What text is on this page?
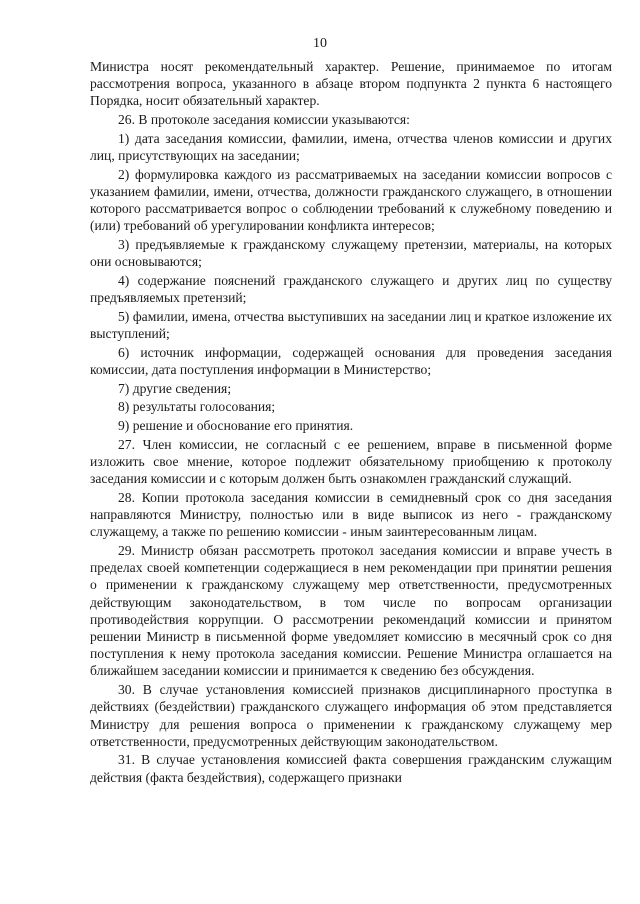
10

Министра носят рекомендательный характер. Решение, принимаемое по итогам рассмотрения вопроса, указанного в абзаце втором подпункта 2 пункта 6 настоящего Порядка, носит обязательный характер.

26. В протоколе заседания комиссии указываются:

1) дата заседания комиссии, фамилии, имена, отчества членов комиссии и других лиц, присутствующих на заседании;

2) формулировка каждого из рассматриваемых на заседании комиссии вопросов с указанием фамилии, имени, отчества, должности гражданского служащего, в отношении которого рассматривается вопрос о соблюдении требований к служебному поведению и (или) требований об урегулировании конфликта интересов;

3) предъявляемые к гражданскому служащему претензии, материалы, на которых они основываются;

4) содержание пояснений гражданского служащего и других лиц по существу предъявляемых претензий;

5) фамилии, имена, отчества выступивших на заседании лиц и краткое изложение их выступлений;

6) источник информации, содержащей основания для проведения заседания комиссии, дата поступления информации в Министерство;

7) другие сведения;

8) результаты голосования;

9) решение и обоснование его принятия.

27. Член комиссии, не согласный с ее решением, вправе в письменной форме изложить свое мнение, которое подлежит обязательному приобщению к протоколу заседания комиссии и с которым должен быть ознакомлен гражданский служащий.

28. Копии протокола заседания комиссии в семидневный срок со дня заседания направляются Министру, полностью или в виде выписок из него - гражданскому служащему, а также по решению комиссии - иным заинтересованным лицам.

29. Министр обязан рассмотреть протокол заседания комиссии и вправе учесть в пределах своей компетенции содержащиеся в нем рекомендации при принятии решения о применении к гражданскому служащему мер ответственности, предусмотренных действующим законодательством, в том числе по вопросам организации противодействия коррупции. О рассмотрении рекомендаций комиссии и принятом решении Министр в письменной форме уведомляет комиссию в месячный срок со дня поступления к нему протокола заседания комиссии. Решение Министра оглашается на ближайшем заседании комиссии и принимается к сведению без обсуждения.

30. В случае установления комиссией признаков дисциплинарного проступка в действиях (бездействии) гражданского служащего информация об этом представляется Министру для решения вопроса о применении к гражданскому служащему мер ответственности, предусмотренных действующим законодательством.

31. В случае установления комиссией факта совершения гражданским служащим действия (факта бездействия), содержащего признаки
